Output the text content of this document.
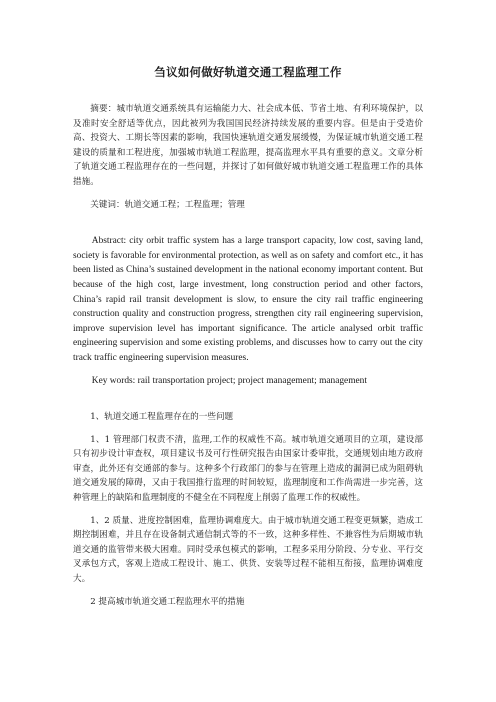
刍议如何做好轨道交通工程监理工作

摘要：城市轨道交通系统具有运输能力大、社会成本低、节省土地、有利环境保护，以及准时安全舒适等优点，因此被列为我国国民经济持续发展的重要内容。但是由于受造价高、投资大、工期长等因素的影响，我国快速轨道交通发展缓慢，为保证城市轨道交通工程建设的质量和工程进度，加强城市轨道工程监理，提高监理水平具有重要的意义。文章分析了轨道交通工程监理存在的一些问题，并探讨了如何做好城市轨道交通工程监理工作的具体措施。

关键词：轨道交通工程；工程监理；管理

Abstract: city orbit traffic system has a large transport capacity, low cost, saving land, society is favorable for environmental protection, as well as on safety and comfort etc., it has been listed as China’s sustained development in the national economy important content. But because of the high cost, large investment, long construction period and other factors, China’s rapid rail transit development is slow, to ensure the city rail traffic engineering construction quality and construction progress, strengthen city rail engineering supervision, improve supervision level has important significance. The article analysed orbit traffic engineering supervision and some existing problems, and discusses how to carry out the city track traffic engineering supervision measures.

Key words: rail transportation project; project management; management

1、轨道交通工程监理存在的一些问题

1、1 管理部门权责不清，监理,工作的权威性不高。城市轨道交通项目的立项，建设部只有初步设计审查权，项目建议书及可行性研究报告由国家计委审批，交通规划由地方政府审查，此外还有交通部的参与。这种多个行政部门的参与在管理上造成的漏洞已成为阻碍轨道交通发展的障碍，又由于我国推行监理的时间较短，监理制度和工作尚需进一步完善，这种管理上的缺陷和监理制度的不健全在不同程度上削弱了监理工作的权威性。

1、2 质量、进度控制困难，监理协调难度大。由于城市轨道交通工程变更频繁，造成工期控制困难，并且存在设备制式通信制式等的不一致，这种多样性、不兼容性为后期城市轨道交通的监管带来极大困难。同时受承包模式的影响，工程多采用分阶段、分专业、平行交叉承包方式，客观上造成工程设计、施工、供货、安装等过程不能相互衔接，监理协调难度大。

2 提高城市轨道交通工程监理水平的措施
